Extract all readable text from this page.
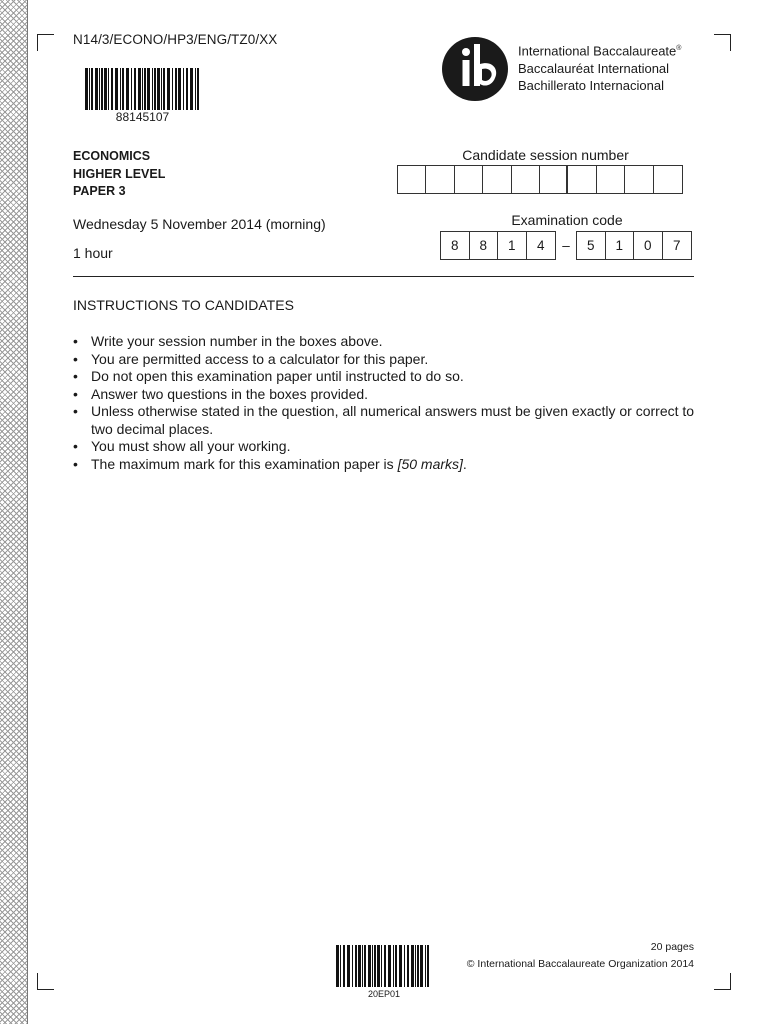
N14/3/ECONO/HP3/ENG/TZ0/XX
88145107
International Baccalaureate®
Baccalauréat International
Bachillerato Internacional
ECONOMICS
HIGHER LEVEL
PAPER 3
Candidate session number
Wednesday 5 November 2014 (morning)
1 hour
Examination code
8	8	1	4	–	5	1	0	7
INSTRUCTIONS TO CANDIDATES
• Write your session number in the boxes above.
• You are permitted access to a calculator for this paper.
• Do not open this examination paper until instructed to do so.
• Answer two questions in the boxes provided.
• Unless otherwise stated in the question, all numerical answers must be given exactly or correct to two decimal places.
• You must show all your working.
• The maximum mark for this examination paper is [50 marks].
20EP01
20 pages
© International Baccalaureate Organization 2014
